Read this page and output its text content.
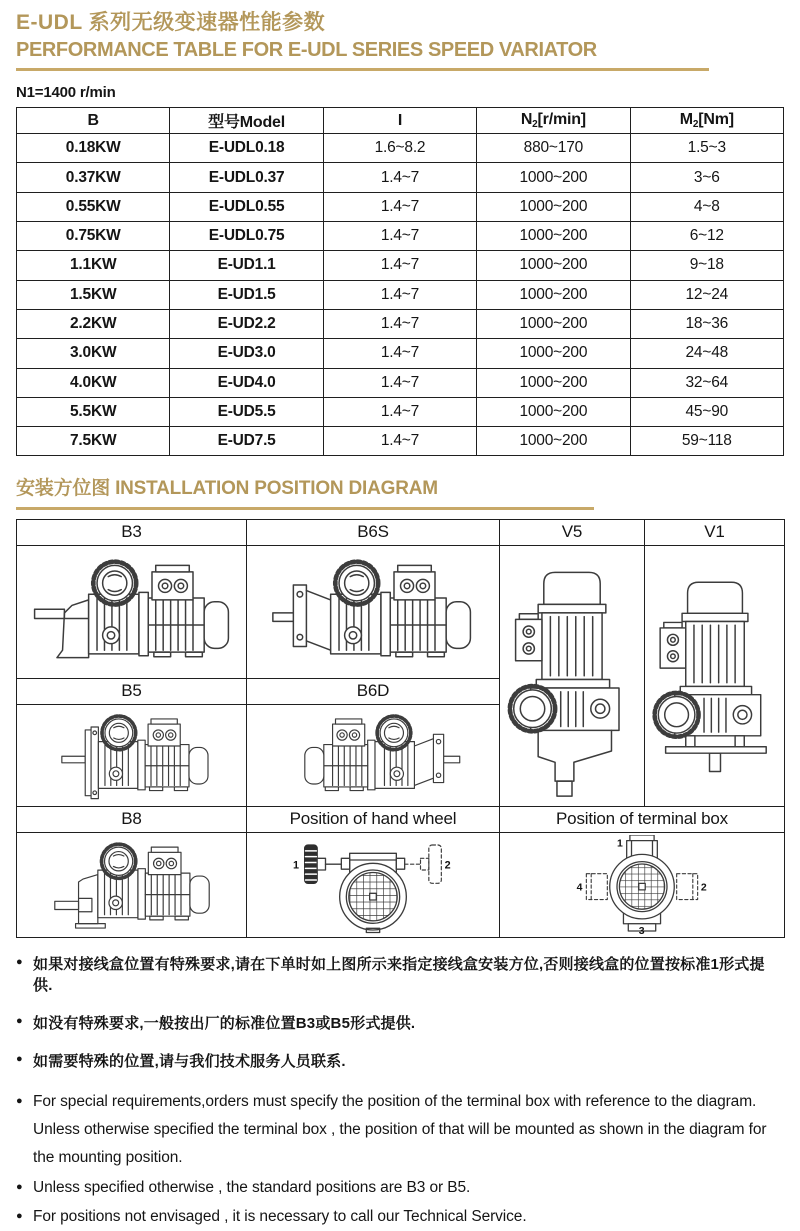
E-UDL 系列无级变速器性能参数
PERFORMANCE TABLE FOR E-UDL SERIES SPEED VARIATOR
N1=1400 r/min
B	型号Model	I	$N_2[r/\min]$	$M_2[Nm]$
0.18KW	E-UDL0.18	1.6~8.2	880~170	1.5~3
0.37KW	E-UDL0.37	1.4~7	1000~200	3~6
0.55KW	E-UDL0.55	1.4~7	1000~200	4~8
0.75KW	E-UDL0.75	1.4~7	1000~200	6~12
1.1KW	E-UD1.1	1.4~7	1000~200	9~18
1.5KW	E-UD1.5	1.4~7	1000~200	12~24
2.2KW	E-UD2.2	1.4~7	1000~200	18~36
3.0KW	E-UD3.0	1.4~7	1000~200	24~48
4.0KW	E-UD4.0	1.4~7	1000~200	32~64
5.5KW	E-UD5.5	1.4~7	1000~200	45~90
7.5KW	E-UD7.5	1.4~7	1000~200	59~118
安装方位图 INSTALLATION POSITION DIAGRAM
B3	B6S	V5	V1

B5	B6D		

B8	Position of hand wheel	Position of terminal box	

1 2	1
2
3
4	
● 如果对接线盒位置有特殊要求,请在下单时如上图所示来指定接线盒安装方位,否则接线盒的位置按标准1形式提供.
● 如没有特殊要求,一般按出厂的标准位置B3或B5形式提供.
● 如需要特殊的位置,请与我们技术服务人员联系.
● For special requirements,orders must specify the position of the terminal box with reference to the diagram. Unless otherwise specified the terminal box , the position of that will be mounted as shown in the diagram for the mounting position.
● Unless specified otherwise , the standard positions are B3 or B5.
● For positions not envisaged , it is necessary to call our Technical Service.
